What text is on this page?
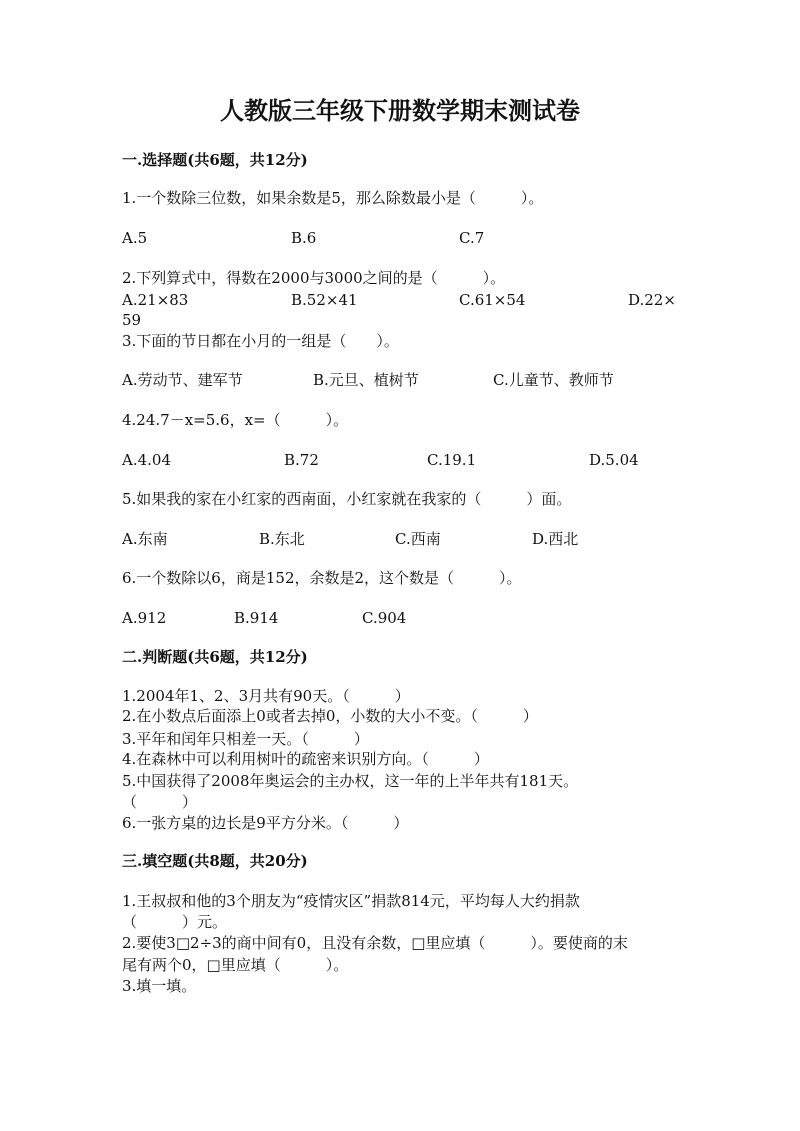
人教版三年级下册数学期末测试卷
一.选择题(共6题，共12分)
1.一个数除三位数，如果余数是5，那么除数最小是（　　　）。
A.5	B.6	C.7
2.下列算式中，得数在2000与3000之间的是（　　　）。
A.21×83	B.52×41	C.61×54	D.22×
59
3.下面的节日都在小月的一组是（　　）。
A.劳动节、建军节	B.元旦、植树节	C.儿童节、教师节
4.24.7－x=5.6，x=（　　　）。
A.4.04	B.72	C.19.1	D.5.04
5.如果我的家在小红家的西南面，小红家就在我家的（　　　）面。
A.东南	B.东北	C.西南	D.西北
6.一个数除以6，商是152，余数是2，这个数是（　　　）。
A.912	B.914	C.904
二.判断题(共6题，共12分)
1.2004年1、2、3月共有90天。（　　　）
2.在小数点后面添上0或者去掉0，小数的大小不变。（　　　）
3.平年和闰年只相差一天。（　　　）
4.在森林中可以利用树叶的疏密来识别方向。（　　　）
5.中国获得了2008年奥运会的主办权，这一年的上半年共有181天。
（　　　）
6.一张方桌的边长是9平方分米。（　　　）
三.填空题(共8题，共20分)
1.王叔叔和他的3个朋友为“疫情灾区”捐款814元，平均每人大约捐款
（　　　）元。
2.要使3□2÷3的商中间有0，且没有余数，□里应填（　　　）。要使商的末
尾有两个0，□里应填（　　　）。
3.填一填。
